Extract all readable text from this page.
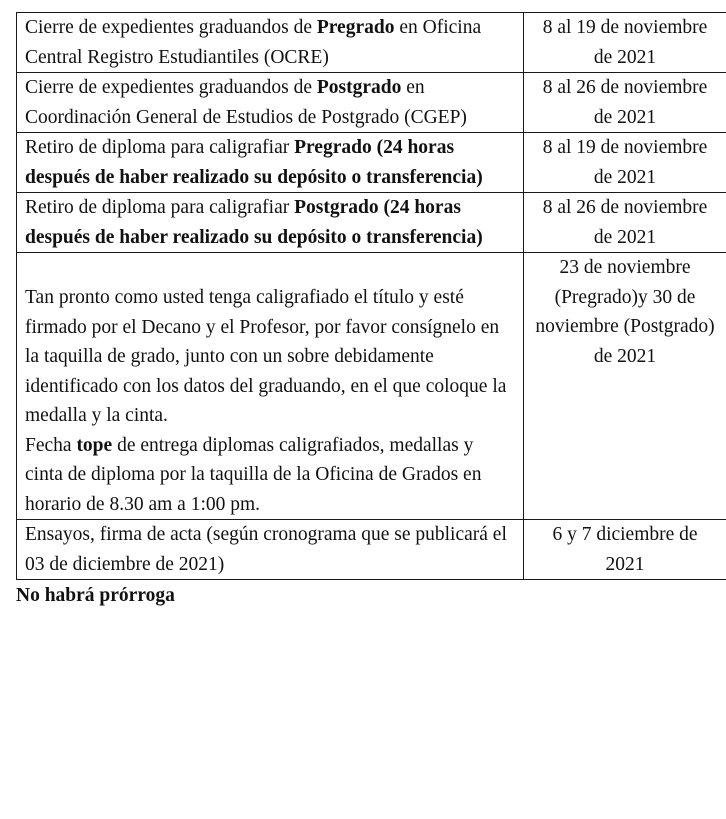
Cierre de expedientes graduandos de Pregrado en Oficina Central Registro Estudiantiles (OCRE)	8 al 19 de noviembre de 2021
Cierre de expedientes graduandos de Postgrado en Coordinación General de Estudios de Postgrado (CGEP)	8 al 26 de noviembre de 2021
Retiro de diploma para caligrafiar Pregrado (24 horas después de haber realizado su depósito o transferencia)	8 al 19 de noviembre de 2021
Retiro de diploma para caligrafiar Postgrado (24 horas después de haber realizado su depósito o transferencia)	8 al 26 de noviembre de 2021

Tan pronto como usted tenga caligrafiado el título y esté firmado por el Decano y el Profesor, por favor consígnelo en la taquilla de grado, junto con un sobre debidamente identificado con los datos del graduando, en el que coloque la medalla y la cinta.
Fecha tope de entrega diplomas caligrafiados, medallas y cinta de diploma por la taquilla de la Oficina de Grados en horario de 8.30 am a 1:00 pm.	23 de noviembre (Pregrado)y 30 de noviembre (Postgrado) de 2021
Ensayos, firma de acta (según cronograma que se publicará el 03 de diciembre de 2021)	6 y 7 diciembre de 2021
No habrá prórroga
